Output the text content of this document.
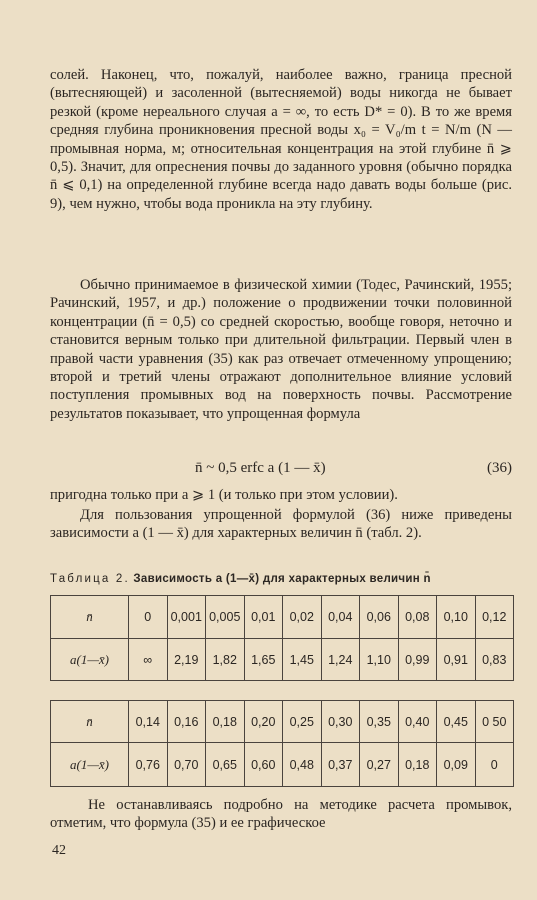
солей. Наконец, что, пожалуй, наиболее важно, граница пресной (вытесняющей) и засоленной (вытесняемой) воды никогда не бывает резкой (кроме нереального случая a = ∞, то есть D* = 0). В то же время средняя глубина проникновения пресной воды x₀ = V₀/m t = N/m (N — промывная норма, м; относительная концентрация на этой глубине n̄ ⩾ 0,5). Значит, для опреснения почвы до заданного уровня (обычно порядка n̄ ⩽ 0,1) на определенной глубине всегда надо давать воды больше (рис. 9), чем нужно, чтобы вода проникла на эту глубину.
Обычно принимаемое в физической химии (Тодес, Рачинский, 1955; Рачинский, 1957, и др.) положение о продвижении точки половинной концентрации (n̄ = 0,5) со средней скоростью, вообще говоря, неточно и становится верным только при длительной фильтрации. Первый член в правой части уравнения (35) как раз отвечает отмеченному упрощению; второй и третий члены отражают дополнительное влияние условий поступления промывных вод на поверхность почвы. Рассмотрение результатов показывает, что упрощенная формула
n̄ ~ 0,5 erfc a (1 — x̄)	(36)
пригодна только при a ⩾ 1 (и только при этом условии).
Для пользования упрощенной формулой (36) ниже приведены зависимости a (1 — x̄) для характерных величин n̄ (табл. 2).
Таблица 2. Зависимость a (1—x̄) для характерных величин n̄
n̄	0	0,001	0,005	0,01	0,02	0,04	0,06	0,08	0,10	0,12
a(1—x̄)	∞	2,19	1,82	1,65	1,45	1,24	1,10	0,99	0,91	0,83
n̄	0,14	0,16	0,18	0,20	0,25	0,30	0,35	0,40	0,45	0 50
a(1—x̄)	0,76	0,70	0,65	0,60	0,48	0,37	0,27	0,18	0,09	0
Не останавливаясь подробно на методике расчета промывок, отметим, что формула (35) и ее графическое
42
